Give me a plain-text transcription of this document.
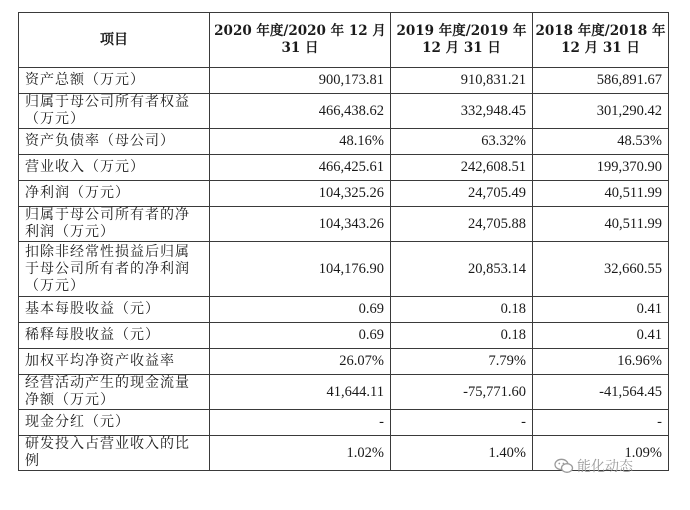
项目	2020 年度/2020 年 12 月 31 日	2019 年度/2019 年 12 月 31 日	2018 年度/2018 年 12 月 31 日
资产总额（万元）	900,173.81	910,831.21	586,891.67
归属于母公司所有者权益（万元）	466,438.62	332,948.45	301,290.42
资产负债率（母公司）	48.16%	63.32%	48.53%
营业收入（万元）	466,425.61	242,608.51	199,370.90
净利润（万元）	104,325.26	24,705.49	40,511.99
归属于母公司所有者的净利润（万元）	104,343.26	24,705.88	40,511.99
扣除非经常性损益后归属于母公司所有者的净利润（万元）	104,176.90	20,853.14	32,660.55
基本每股收益（元）	0.69	0.18	0.41
稀释每股收益（元）	0.69	0.18	0.41
加权平均净资产收益率	26.07%	7.79%	16.96%
经营活动产生的现金流量净额（万元）	41,644.11	-75,771.60	-41,564.45
现金分红（元）	-	-	-
研发投入占营业收入的比例	1.02%	1.40%	1.09%
能化动态
